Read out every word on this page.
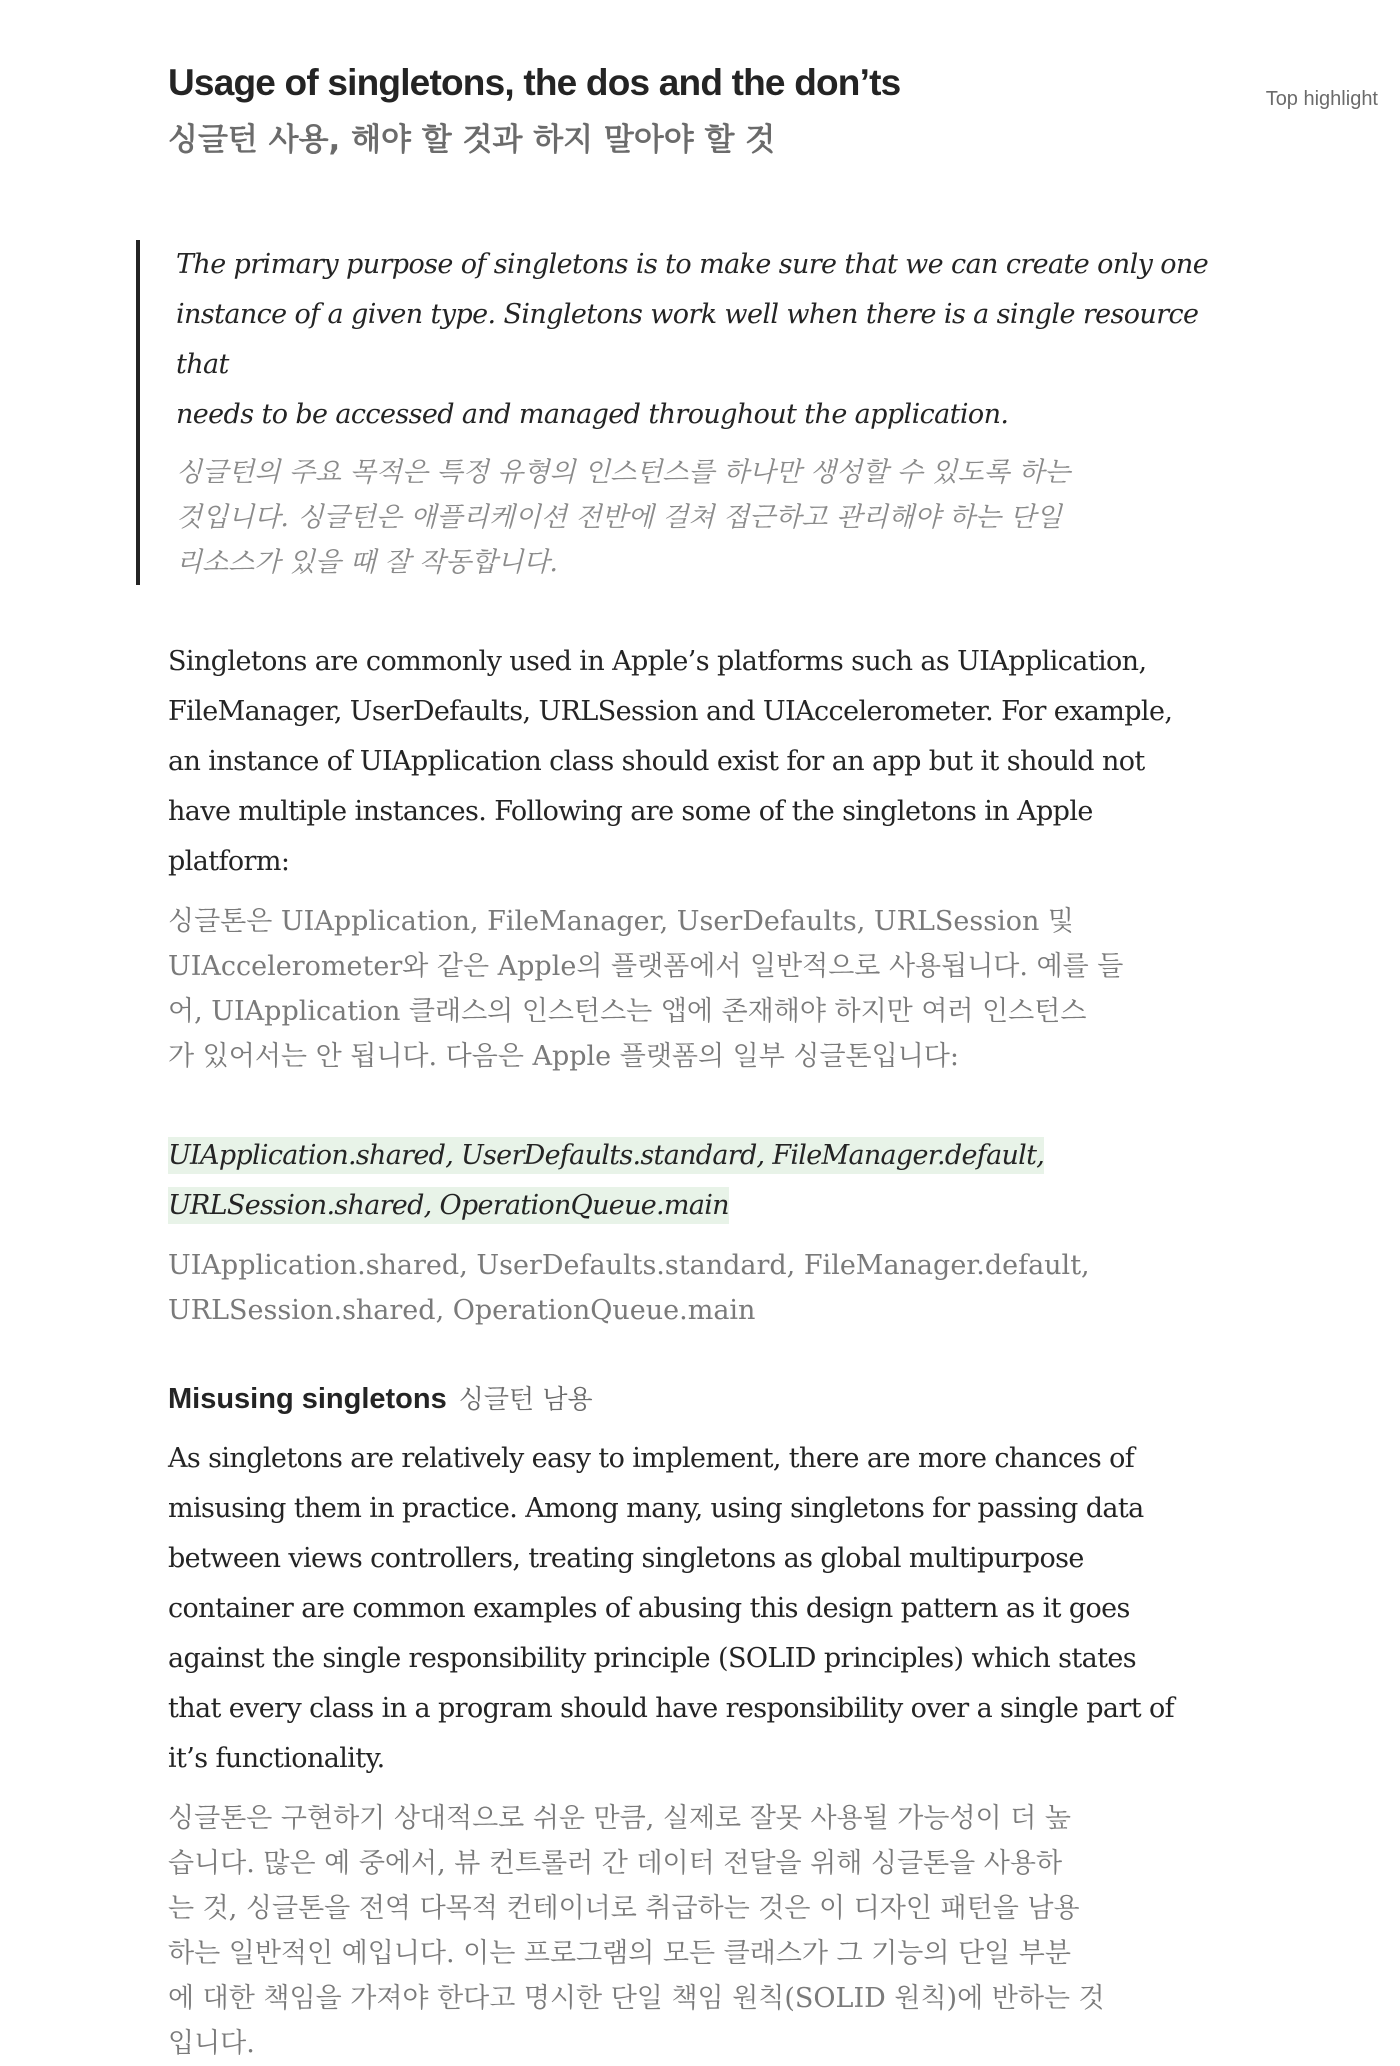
Top highlight
Usage of singletons, the dos and the don’ts
싱글턴 사용, 해야 할 것과 하지 말아야 할 것

The primary purpose of singletons is to make sure that we can create only one
instance of a given type. Singletons work well when there is a single resource that
needs to be accessed and managed throughout the application.

싱글턴의 주요 목적은 특정 유형의 인스턴스를 하나만 생성할 수 있도록 하는
것입니다. 싱글턴은 애플리케이션 전반에 걸쳐 접근하고 관리해야 하는 단일
리소스가 있을 때 잘 작동합니다.

Singletons are commonly used in Apple’s platforms such as UIApplication,
FileManager, UserDefaults, URLSession and UIAccelerometer. For example,
an instance of UIApplication class should exist for an app but it should not
have multiple instances. Following are some of the singletons in Apple
platform:

싱글톤은 UIApplication, FileManager, UserDefaults, URLSession 및
UIAccelerometer와 같은 Apple의 플랫폼에서 일반적으로 사용됩니다. 예를 들
어, UIApplication 클래스의 인스턴스는 앱에 존재해야 하지만 여러 인스턴스
가 있어서는 안 됩니다. 다음은 Apple 플랫폼의 일부 싱글톤입니다:

UIApplication.shared, UserDefaults.standard, FileManager.default,
URLSession.shared, OperationQueue.main

UIApplication.shared, UserDefaults.standard, FileManager.default,
URLSession.shared, OperationQueue.main

Misusing singletons 싱글턴 남용

As singletons are relatively easy to implement, there are more chances of
misusing them in practice. Among many, using singletons for passing data
between views controllers, treating singletons as global multipurpose
container are common examples of abusing this design pattern as it goes
against the single responsibility principle (SOLID principles) which states
that every class in a program should have responsibility over a single part of
it’s functionality.

싱글톤은 구현하기 상대적으로 쉬운 만큼, 실제로 잘못 사용될 가능성이 더 높
습니다. 많은 예 중에서, 뷰 컨트롤러 간 데이터 전달을 위해 싱글톤을 사용하
는 것, 싱글톤을 전역 다목적 컨테이너로 취급하는 것은 이 디자인 패턴을 남용
하는 일반적인 예입니다. 이는 프로그램의 모든 클래스가 그 기능의 단일 부분
에 대한 책임을 가져야 한다고 명시한 단일 책임 원칙(SOLID 원칙)에 반하는 것
입니다.
